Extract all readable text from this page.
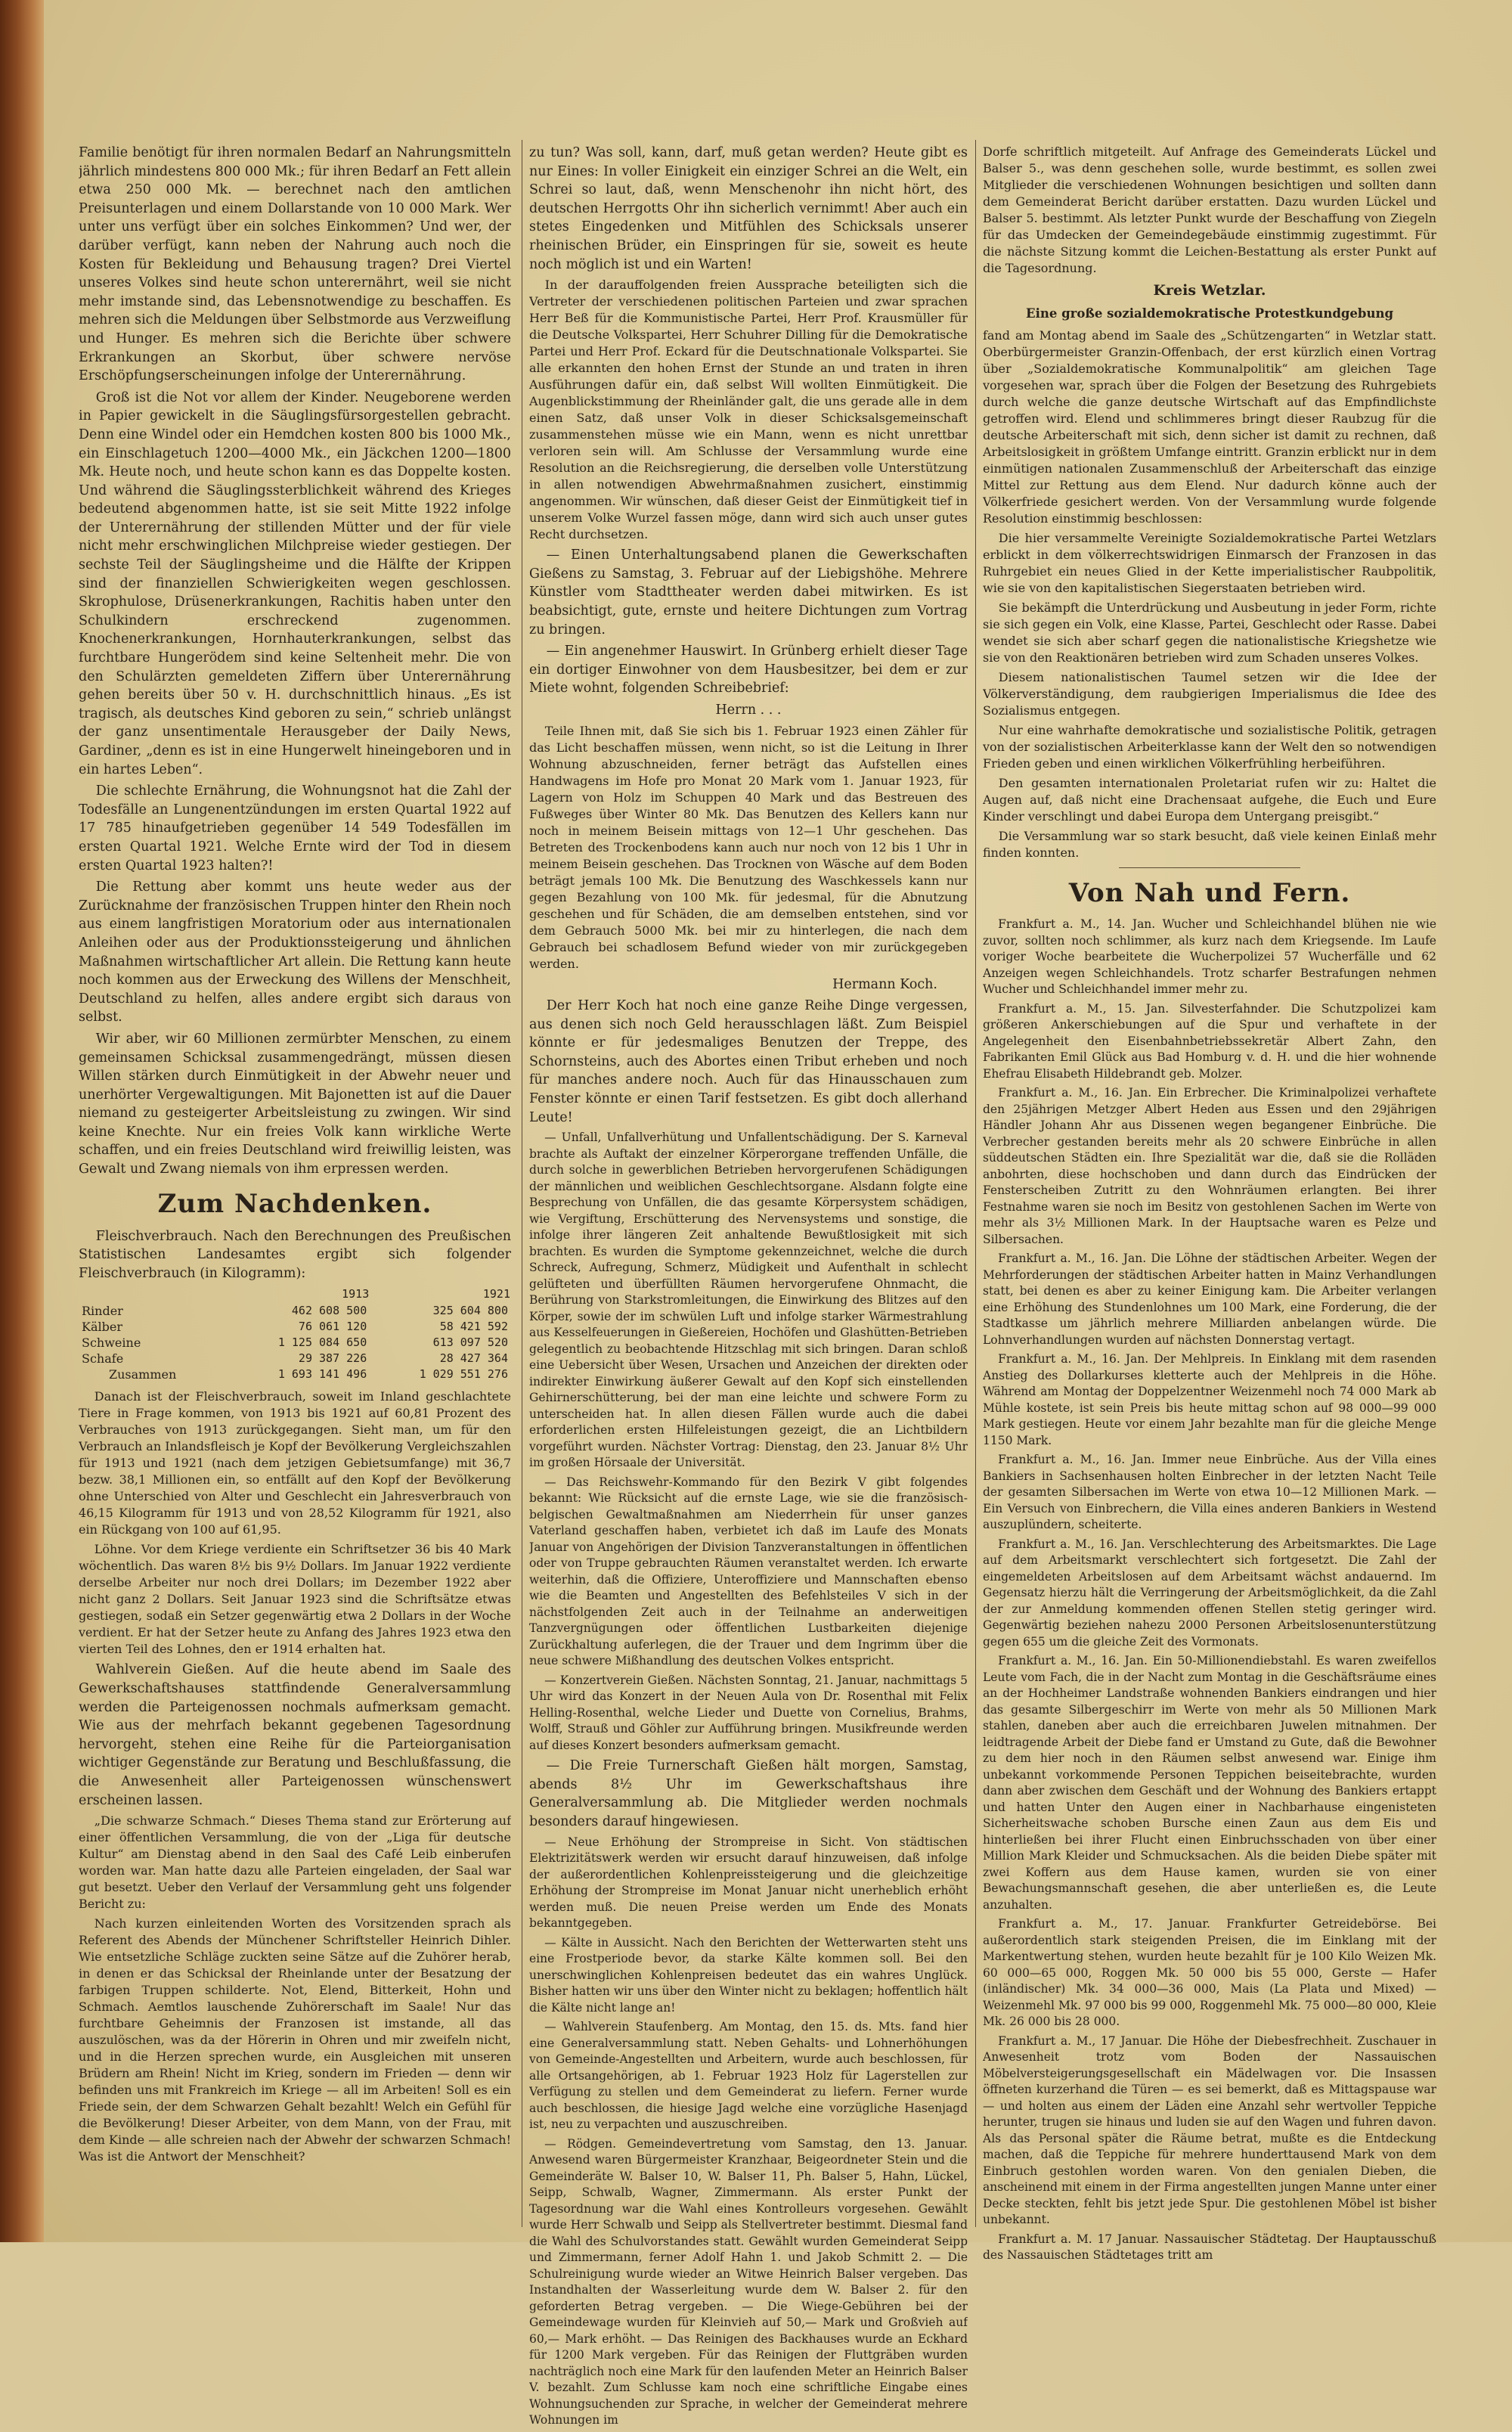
Familie benötigt für ihren normalen Bedarf an Nahrungsmitteln jährlich mindestens 800 000 Mk.; für ihren Bedarf an Fett allein etwa 250 000 Mk. — berechnet nach den amtlichen Preisunterlagen und einem Dollarstande von 10 000 Mark. Wer unter uns verfügt über ein solches Einkommen? Und wer, der darüber verfügt, kann neben der Nahrung auch noch die Kosten für Bekleidung und Behausung tragen? Drei Viertel unseres Volkes sind heute schon unterernährt, weil sie nicht mehr imstande sind, das Lebensnotwendige zu beschaffen. Es mehren sich die Meldungen über Selbstmorde aus Verzweiflung und Hunger. Es mehren sich die Berichte über schwere Erkrankungen an Skorbut, über schwere nervöse Erschöpfungserscheinungen infolge der Unterernährung.

Groß ist die Not vor allem der Kinder. Neugeborene werden in Papier gewickelt in die Säuglingsfürsorgestellen gebracht. Denn eine Windel oder ein Hemdchen kosten 800 bis 1000 Mk., ein Einschlagetuch 1200—4000 Mk., ein Jäckchen 1200—1800 Mk. Heute noch, und heute schon kann es das Doppelte kosten. Und während die Säuglingssterblichkeit während des Krieges bedeutend abgenommen hatte, ist sie seit Mitte 1922 infolge der Unterernährung der stillenden Mütter und der für viele nicht mehr erschwinglichen Milchpreise wieder gestiegen. Der sechste Teil der Säuglingsheime und die Hälfte der Krippen sind der finanziellen Schwierigkeiten wegen geschlossen. Skrophulose, Drüsenerkrankungen, Rachitis haben unter den Schulkindern erschreckend zugenommen. Knochenerkrankungen, Hornhauterkrankungen, selbst das furchtbare Hungerödem sind keine Seltenheit mehr. Die von den Schulärzten gemeldeten Ziffern über Unterernährung gehen bereits über 50 v. H. durchschnittlich hinaus. „Es ist tragisch, als deutsches Kind geboren zu sein,“ schrieb unlängst der ganz unsentimentale Herausgeber der Daily News, Gardiner, „denn es ist in eine Hungerwelt hineingeboren und in ein hartes Leben“.

Die schlechte Ernährung, die Wohnungsnot hat die Zahl der Todesfälle an Lungenentzündungen im ersten Quartal 1922 auf 17 785 hinaufgetrieben gegenüber 14 549 Todesfällen im ersten Quartal 1921. Welche Ernte wird der Tod in diesem ersten Quartal 1923 halten?!

Die Rettung aber kommt uns heute weder aus der Zurücknahme der französischen Truppen hinter den Rhein noch aus einem langfristigen Moratorium oder aus internationalen Anleihen oder aus der Produktionssteigerung und ähnlichen Maßnahmen wirtschaftlicher Art allein. Die Rettung kann heute noch kommen aus der Erweckung des Willens der Menschheit, Deutschland zu helfen, alles andere ergibt sich daraus von selbst.

Wir aber, wir 60 Millionen zermürbter Menschen, zu einem gemeinsamen Schicksal zusammengedrängt, müssen diesen Willen stärken durch Einmütigkeit in der Abwehr neuer und unerhörter Vergewaltigungen. Mit Bajonetten ist auf die Dauer niemand zu gesteigerter Arbeitsleistung zu zwingen. Wir sind keine Knechte. Nur ein freies Volk kann wirkliche Werte schaffen, und ein freies Deutschland wird freiwillig leisten, was Gewalt und Zwang niemals von ihm erpressen werden.

Zum Nachdenken.

Fleischverbrauch. Nach den Berechnungen des Preußischen Statistischen Landesamtes ergibt sich folgender Fleischverbrauch (in Kilogramm):

	1913	1921
Rinder	462 608 500	325 604 800
Kälber	76 061 120	58 421 592
Schweine	1 125 084 650	613 097 520
Schafe	29 387 226	28 427 364
Zusammen	1 693 141 496	1 029 551 276

Danach ist der Fleischverbrauch, soweit im Inland geschlachtete Tiere in Frage kommen, von 1913 bis 1921 auf 60,81 Prozent des Verbrauches von 1913 zurückgegangen. Sieht man, um für den Verbrauch an Inlandsfleisch je Kopf der Bevölkerung Vergleichszahlen für 1913 und 1921 (nach dem jetzigen Gebietsumfange) mit 36,7 bezw. 38,1 Millionen ein, so entfällt auf den Kopf der Bevölkerung ohne Unterschied von Alter und Geschlecht ein Jahresverbrauch von 46,15 Kilogramm für 1913 und von 28,52 Kilogramm für 1921, also ein Rückgang von 100 auf 61,95.

Löhne. Vor dem Kriege verdiente ein Schriftsetzer 36 bis 40 Mark wöchentlich. Das waren 8½ bis 9½ Dollars. Im Januar 1922 verdiente derselbe Arbeiter nur noch drei Dollars; im Dezember 1922 aber nicht ganz 2 Dollars. Seit Januar 1923 sind die Schriftsätze etwas gestiegen, sodaß ein Setzer gegenwärtig etwa 2 Dollars in der Woche verdient. Er hat der Setzer heute zu Anfang des Jahres 1923 etwa den vierten Teil des Lohnes, den er 1914 erhalten hat.

Wahlverein Gießen. Auf die heute abend im Saale des Gewerkschaftshauses stattfindende Generalversammlung werden die Parteigenossen nochmals aufmerksam gemacht. Wie aus der mehrfach bekannt gegebenen Tagesordnung hervorgeht, stehen eine Reihe für die Parteiorganisation wichtiger Gegenstände zur Beratung und Beschlußfassung, die die Anwesenheit aller Parteigenossen wünschenswert erscheinen lassen.

„Die schwarze Schmach.“ Dieses Thema stand zur Erörterung auf einer öffentlichen Versammlung, die von der „Liga für deutsche Kultur“ am Dienstag abend in den Saal des Café Leib einberufen worden war. Man hatte dazu alle Parteien eingeladen, der Saal war gut besetzt. Ueber den Verlauf der Versammlung geht uns folgender Bericht zu:

Nach kurzen einleitenden Worten des Vorsitzenden sprach als Referent des Abends der Münchener Schriftsteller Heinrich Dihler. Wie entsetzliche Schläge zuckten seine Sätze auf die Zuhörer herab, in denen er das Schicksal der Rheinlande unter der Besatzung der farbigen Truppen schilderte. Not, Elend, Bitterkeit, Hohn und Schmach. Aemtlos lauschende Zuhörerschaft im Saale! Nur das furchtbare Geheimnis der Franzosen ist imstande, all das auszulöschen, was da der Hörerin in Ohren und mir zweifeln nicht, und in die Herzen sprechen wurde, ein Ausgleichen mit unseren Brüdern am Rhein! Nicht im Krieg, sondern im Frieden — denn wir befinden uns mit Frankreich im Kriege — all im Arbeiten! Soll es ein Friede sein, der dem Schwarzen Gehalt bezahlt! Welch ein Gefühl für die Bevölkerung! Dieser Arbeiter, von dem Mann, von der Frau, mit dem Kinde — alle schreien nach der Abwehr der schwarzen Schmach! Was ist die Antwort der Menschheit?

zu tun? Was soll, kann, darf, muß getan werden? Heute gibt es nur Eines: In voller Einigkeit ein einziger Schrei an die Welt, ein Schrei so laut, daß, wenn Menschenohr ihn nicht hört, des deutschen Herrgotts Ohr ihn sicherlich vernimmt! Aber auch ein stetes Eingedenken und Mitfühlen des Schicksals unserer rheinischen Brüder, ein Einspringen für sie, soweit es heute noch möglich ist und ein Warten!

In der darauffolgenden freien Aussprache beteiligten sich die Vertreter der verschiedenen politischen Parteien und zwar sprachen Herr Beß für die Kommunistische Partei, Herr Prof. Krausmüller für die Deutsche Volkspartei, Herr Schuhrer Dilling für die Demokratische Partei und Herr Prof. Eckard für die Deutschnationale Volkspartei. Sie alle erkannten den hohen Ernst der Stunde an und traten in ihren Ausführungen dafür ein, daß selbst Will wollten Einmütigkeit. Die Augenblickstimmung der Rheinländer galt, die uns gerade alle in dem einen Satz, daß unser Volk in dieser Schicksalsgemeinschaft zusammenstehen müsse wie ein Mann, wenn es nicht unrettbar verloren sein will. Am Schlusse der Versammlung wurde eine Resolution an die Reichsregierung, die derselben volle Unterstützung in allen notwendigen Abwehrmaßnahmen zusichert, einstimmig angenommen. Wir wünschen, daß dieser Geist der Einmütigkeit tief in unserem Volke Wurzel fassen möge, dann wird sich auch unser gutes Recht durchsetzen.

— Einen Unterhaltungsabend planen die Gewerkschaften Gießens zu Samstag, 3. Februar auf der Liebigshöhe. Mehrere Künstler vom Stadttheater werden dabei mitwirken. Es ist beabsichtigt, gute, ernste und heitere Dichtungen zum Vortrag zu bringen.

— Ein angenehmer Hauswirt. In Grünberg erhielt dieser Tage ein dortiger Einwohner von dem Hausbesitzer, bei dem er zur Miete wohnt, folgenden Schreibebrief:

Herrn . . .

Teile Ihnen mit, daß Sie sich bis 1. Februar 1923 einen Zähler für das Licht beschaffen müssen, wenn nicht, so ist die Leitung in Ihrer Wohnung abzuschneiden, ferner beträgt das Aufstellen eines Handwagens im Hofe pro Monat 20 Mark vom 1. Januar 1923, für Lagern von Holz im Schuppen 40 Mark und das Bestreuen des Fußweges über Winter 80 Mk. Das Benutzen des Kellers kann nur noch in meinem Beisein mittags von 12—1 Uhr geschehen. Das Betreten des Trockenbodens kann auch nur noch von 12 bis 1 Uhr in meinem Beisein geschehen. Das Trocknen von Wäsche auf dem Boden beträgt jemals 100 Mk. Die Benutzung des Waschkessels kann nur gegen Bezahlung von 100 Mk. für jedesmal, für die Abnutzung geschehen und für Schäden, die am demselben entstehen, sind vor dem Gebrauch 5000 Mk. bei mir zu hinterlegen, die nach dem Gebrauch bei schadlosem Befund wieder von mir zurückgegeben werden.

Hermann Koch.

Der Herr Koch hat noch eine ganze Reihe Dinge vergessen, aus denen sich noch Geld herausschlagen läßt. Zum Beispiel könnte er für jedesmaliges Benutzen der Treppe, des Schornsteins, auch des Abortes einen Tribut erheben und noch für manches andere noch. Auch für das Hinausschauen zum Fenster könnte er einen Tarif festsetzen. Es gibt doch allerhand Leute!

— Unfall, Unfallverhütung und Unfallentschädigung. Der S. Karneval brachte als Auftakt der einzelner Körperorgane treffenden Unfälle, die durch solche in gewerblichen Betrieben hervorgerufenen Schädigungen der männlichen und weiblichen Geschlechtsorgane. Alsdann folgte eine Besprechung von Unfällen, die das gesamte Körpersystem schädigen, wie Vergiftung, Erschütterung des Nervensystems und sonstige, die infolge ihrer längeren Zeit anhaltende Bewußtlosigkeit mit sich brachten. Es wurden die Symptome gekennzeichnet, welche die durch Schreck, Aufregung, Schmerz, Müdigkeit und Aufenthalt in schlecht gelüfteten und überfüllten Räumen hervorgerufene Ohnmacht, die Berührung von Starkstromleitungen, die Einwirkung des Blitzes auf den Körper, sowie der im schwülen Luft und infolge starker Wärmestrahlung aus Kesselfeuerungen in Gießereien, Hochöfen und Glashütten-Betrieben gelegentlich zu beobachtende Hitzschlag mit sich bringen. Daran schloß eine Uebersicht über Wesen, Ursachen und Anzeichen der direkten oder indirekter Einwirkung äußerer Gewalt auf den Kopf sich einstellenden Gehirnerschütterung, bei der man eine leichte und schwere Form zu unterscheiden hat. In allen diesen Fällen wurde auch die dabei erforderlichen ersten Hilfeleistungen gezeigt, die an Lichtbildern vorgeführt wurden. Nächster Vortrag: Dienstag, den 23. Januar 8½ Uhr im großen Hörsaale der Universität.

— Das Reichswehr-Kommando für den Bezirk V gibt folgendes bekannt: Wie Rücksicht auf die ernste Lage, wie sie die französisch-belgischen Gewaltmaßnahmen am Niederrhein für unser ganzes Vaterland geschaffen haben, verbietet ich daß im Laufe des Monats Januar von Angehörigen der Division Tanzveranstaltungen in öffentlichen oder von Truppe gebrauchten Räumen veranstaltet werden. Ich erwarte weiterhin, daß die Offiziere, Unteroffiziere und Mannschaften ebenso wie die Beamten und Angestellten des Befehlsteiles V sich in der nächstfolgenden Zeit auch in der Teilnahme an anderweitigen Tanzvergnügungen oder öffentlichen Lustbarkeiten diejenige Zurückhaltung auferlegen, die der Trauer und dem Ingrimm über die neue schwere Mißhandlung des deutschen Volkes entspricht.

— Konzertverein Gießen. Nächsten Sonntag, 21. Januar, nachmittags 5 Uhr wird das Konzert in der Neuen Aula von Dr. Rosenthal mit Felix Helling-Rosenthal, welche Lieder und Duette von Cornelius, Brahms, Wolff, Strauß und Göhler zur Aufführung bringen. Musikfreunde werden auf dieses Konzert besonders aufmerksam gemacht.

— Die Freie Turnerschaft Gießen hält morgen, Samstag, abends 8½ Uhr im Gewerkschaftshaus ihre Generalversammlung ab. Die Mitglieder werden nochmals besonders darauf hingewiesen.

— Neue Erhöhung der Strompreise in Sicht. Von städtischen Elektrizitätswerk werden wir ersucht darauf hinzuweisen, daß infolge der außerordentlichen Kohlenpreissteigerung und die gleichzeitige Erhöhung der Strompreise im Monat Januar nicht unerheblich erhöht werden muß. Die neuen Preise werden um Ende des Monats bekanntgegeben.

— Kälte in Aussicht. Nach den Berichten der Wetterwarten steht uns eine Frostperiode bevor, da starke Kälte kommen soll. Bei den unerschwinglichen Kohlenpreisen bedeutet das ein wahres Unglück. Bisher hatten wir uns über den Winter nicht zu beklagen; hoffentlich hält die Kälte nicht lange an!

— Wahlverein Staufenberg. Am Montag, den 15. ds. Mts. fand hier eine Generalversammlung statt. Neben Gehalts- und Lohnerhöhungen von Gemeinde-Angestellten und Arbeitern, wurde auch beschlossen, für alle Ortsangehörigen, ab 1. Februar 1923 Holz für Lagerstellen zur Verfügung zu stellen und dem Gemeinderat zu liefern. Ferner wurde auch beschlossen, die hiesige Jagd welche eine vorzügliche Hasenjagd ist, neu zu verpachten und auszuschreiben.

— Rödgen. Gemeindevertretung vom Samstag, den 13. Januar. Anwesend waren Bürgermeister Kranzhaar, Beigeordneter Stein und die Gemeinderäte W. Balser 10, W. Balser 11, Ph. Balser 5, Hahn, Lückel, Seipp, Schwalb, Wagner, Zimmermann. Als erster Punkt der Tagesordnung war die Wahl eines Kontrolleurs vorgesehen. Gewählt wurde Herr Schwalb und Seipp als Stellvertreter bestimmt. Diesmal fand die Wahl des Schulvorstandes statt. Gewählt wurden Gemeinderat Seipp und Zimmermann, ferner Adolf Hahn 1. und Jakob Schmitt 2. — Die Schulreinigung wurde wieder an Witwe Heinrich Balser vergeben. Das Instandhalten der Wasserleitung wurde dem W. Balser 2. für den geforderten Betrag vergeben. — Die Wiege-Gebühren bei der Gemeindewage wurden für Kleinvieh auf 50,— Mark und Großvieh auf 60,— Mark erhöht. — Das Reinigen des Backhauses wurde an Eckhard für 1200 Mark vergeben. Für das Reinigen der Fluttgräben wurden nachträglich noch eine Mark für den laufenden Meter an Heinrich Balser V. bezahlt. Zum Schlusse kam noch eine schriftliche Eingabe eines Wohnungsuchenden zur Sprache, in welcher der Gemeinderat mehrere Wohnungen im

Dorfe schriftlich mitgeteilt. Auf Anfrage des Gemeinderats Lückel und Balser 5., was denn geschehen solle, wurde bestimmt, es sollen zwei Mitglieder die verschiedenen Wohnungen besichtigen und sollten dann dem Gemeinderat Bericht darüber erstatten. Dazu wurden Lückel und Balser 5. bestimmt. Als letzter Punkt wurde der Beschaffung von Ziegeln für das Umdecken der Gemeindegebäude einstimmig zugestimmt. Für die nächste Sitzung kommt die Leichen-Bestattung als erster Punkt auf die Tagesordnung.

Kreis Wetzlar.
Eine große sozialdemokratische Protestkundgebung

fand am Montag abend im Saale des „Schützengarten“ in Wetzlar statt. Oberbürgermeister Granzin-Offenbach, der erst kürzlich einen Vortrag über „Sozialdemokratische Kommunalpolitik“ am gleichen Tage vorgesehen war, sprach über die Folgen der Besetzung des Ruhrgebiets durch welche die ganze deutsche Wirtschaft auf das Empfindlichste getroffen wird. Elend und schlimmeres bringt dieser Raubzug für die deutsche Arbeiterschaft mit sich, denn sicher ist damit zu rechnen, daß Arbeitslosigkeit in größtem Umfange eintritt. Granzin erblickt nur in dem einmütigen nationalen Zusammenschluß der Arbeiterschaft das einzige Mittel zur Rettung aus dem Elend. Nur dadurch könne auch der Völkerfriede gesichert werden. Von der Versammlung wurde folgende Resolution einstimmig beschlossen:

Die hier versammelte Vereinigte Sozialdemokratische Partei Wetzlars erblickt in dem völkerrechtswidrigen Einmarsch der Franzosen in das Ruhrgebiet ein neues Glied in der Kette imperialistischer Raubpolitik, wie sie von den kapitalistischen Siegerstaaten betrieben wird.

Sie bekämpft die Unterdrückung und Ausbeutung in jeder Form, richte sie sich gegen ein Volk, eine Klasse, Partei, Geschlecht oder Rasse. Dabei wendet sie sich aber scharf gegen die nationalistische Kriegshetze wie sie von den Reaktionären betrieben wird zum Schaden unseres Volkes.

Diesem nationalistischen Taumel setzen wir die Idee der Völkerverständigung, dem raubgierigen Imperialismus die Idee des Sozialismus entgegen.

Nur eine wahrhafte demokratische und sozialistische Politik, getragen von der sozialistischen Arbeiterklasse kann der Welt den so notwendigen Frieden geben und einen wirklichen Völkerfrühling herbeiführen.

Den gesamten internationalen Proletariat rufen wir zu: Haltet die Augen auf, daß nicht eine Drachensaat aufgehe, die Euch und Eure Kinder verschlingt und dabei Europa dem Untergang preisgibt.“

Die Versammlung war so stark besucht, daß viele keinen Einlaß mehr finden konnten.

Von Nah und Fern.

Frankfurt a. M., 14. Jan. Wucher und Schleichhandel blühen nie wie zuvor, sollten noch schlimmer, als kurz nach dem Kriegsende. Im Laufe voriger Woche bearbeitete die Wucherpolizei 57 Wucherfälle und 62 Anzeigen wegen Schleichhandels. Trotz scharfer Bestrafungen nehmen Wucher und Schleichhandel immer mehr zu.

Frankfurt a. M., 15. Jan. Silvesterfahnder. Die Schutzpolizei kam größeren Ankerschiebungen auf die Spur und verhaftete in der Angelegenheit den Eisenbahnbetriebssekretär Albert Zahn, den Fabrikanten Emil Glück aus Bad Homburg v. d. H. und die hier wohnende Ehefrau Elisabeth Hildebrandt geb. Molzer.

Frankfurt a. M., 16. Jan. Ein Erbrecher. Die Kriminalpolizei verhaftete den 25jährigen Metzger Albert Heden aus Essen und den 29jährigen Händler Johann Ahr aus Dissenen wegen begangener Einbrüche. Die Verbrecher gestanden bereits mehr als 20 schwere Einbrüche in allen süddeutschen Städten ein. Ihre Spezialität war die, daß sie die Rolläden anbohrten, diese hochschoben und dann durch das Eindrücken der Fensterscheiben Zutritt zu den Wohnräumen erlangten. Bei ihrer Festnahme waren sie noch im Besitz von gestohlenen Sachen im Werte von mehr als 3½ Millionen Mark. In der Hauptsache waren es Pelze und Silbersachen.

Frankfurt a. M., 16. Jan. Die Löhne der städtischen Arbeiter. Wegen der Mehrforderungen der städtischen Arbeiter hatten in Mainz Verhandlungen statt, bei denen es aber zu keiner Einigung kam. Die Arbeiter verlangen eine Erhöhung des Stundenlohnes um 100 Mark, eine Forderung, die der Stadtkasse um jährlich mehrere Milliarden anbelangen würde. Die Lohnverhandlungen wurden auf nächsten Donnerstag vertagt.

Frankfurt a. M., 16. Jan. Der Mehlpreis. In Einklang mit dem rasenden Anstieg des Dollarkurses kletterte auch der Mehlpreis in die Höhe. Während am Montag der Doppelzentner Weizenmehl noch 74 000 Mark ab Mühle kostete, ist sein Preis bis heute mittag schon auf 98 000—99 000 Mark gestiegen. Heute vor einem Jahr bezahlte man für die gleiche Menge 1150 Mark.

Frankfurt a. M., 16. Jan. Immer neue Einbrüche. Aus der Villa eines Bankiers in Sachsenhausen holten Einbrecher in der letzten Nacht Teile der gesamten Silbersachen im Werte von etwa 10—12 Millionen Mark. — Ein Versuch von Einbrechern, die Villa eines anderen Bankiers in Westend auszuplündern, scheiterte.

Frankfurt a. M., 16. Jan. Verschlechterung des Arbeitsmarktes. Die Lage auf dem Arbeitsmarkt verschlechtert sich fortgesetzt. Die Zahl der eingemeldeten Arbeitslosen auf dem Arbeitsamt wächst andauernd. Im Gegensatz hierzu hält die Verringerung der Arbeitsmöglichkeit, da die Zahl der zur Anmeldung kommenden offenen Stellen stetig geringer wird. Gegenwärtig beziehen nahezu 2000 Personen Arbeitslosenunterstützung gegen 655 um die gleiche Zeit des Vormonats.

Frankfurt a. M., 16. Jan. Ein 50-Millionendiebstahl. Es waren zweifellos Leute vom Fach, die in der Nacht zum Montag in die Geschäftsräume eines an der Hochheimer Landstraße wohnenden Bankiers eindrangen und hier das gesamte Silbergeschirr im Werte von mehr als 50 Millionen Mark stahlen, daneben aber auch die erreichbaren Juwelen mitnahmen. Der leidtragende Arbeit der Diebe fand er Umstand zu Gute, daß die Bewohner zu dem hier noch in den Räumen selbst anwesend war. Einige ihm unbekannt vorkommende Personen Teppichen beiseitebrachte, wurden dann aber zwischen dem Geschäft und der Wohnung des Bankiers ertappt und hatten Unter den Augen einer in Nachbarhause eingenisteten Sicherheitswache schoben Bursche einen Zaun aus dem Eis und hinterließen bei ihrer Flucht einen Einbruchsschaden von über einer Million Mark Kleider und Schmucksachen. Als die beiden Diebe später mit zwei Koffern aus dem Hause kamen, wurden sie von einer Bewachungsmannschaft gesehen, die aber unterließen es, die Leute anzuhalten.

Frankfurt a. M., 17. Januar. Frankfurter Getreidebörse. Bei außerordentlich stark steigenden Preisen, die im Einklang mit der Markentwertung stehen, wurden heute bezahlt für je 100 Kilo Weizen Mk. 60 000—65 000, Roggen Mk. 50 000 bis 55 000, Gerste — Hafer (inländischer) Mk. 34 000—36 000, Mais (La Plata und Mixed) — Weizenmehl Mk. 97 000 bis 99 000, Roggenmehl Mk. 75 000—80 000, Kleie Mk. 26 000 bis 28 000.

Frankfurt a. M., 17 Januar. Die Höhe der Diebesfrechheit. Zuschauer in Anwesenheit trotz vom Boden der Nassauischen Möbelversteigerungsgesellschaft ein Mädelwagen vor. Die Insassen öffneten kurzerhand die Türen — es sei bemerkt, daß es Mittagspause war — und holten aus einem der Läden eine Anzahl sehr wertvoller Teppiche herunter, trugen sie hinaus und luden sie auf den Wagen und fuhren davon. Als das Personal später die Räume betrat, mußte es die Entdeckung machen, daß die Teppiche für mehrere hunderttausend Mark von dem Einbruch gestohlen worden waren. Von den genialen Dieben, die anscheinend mit einem in der Firma angestellten jungen Manne unter einer Decke steckten, fehlt bis jetzt jede Spur. Die gestohlenen Möbel ist bisher unbekannt.

Frankfurt a. M. 17 Januar. Nassauischer Städtetag. Der Hauptausschuß des Nassauischen Städtetages tritt am
